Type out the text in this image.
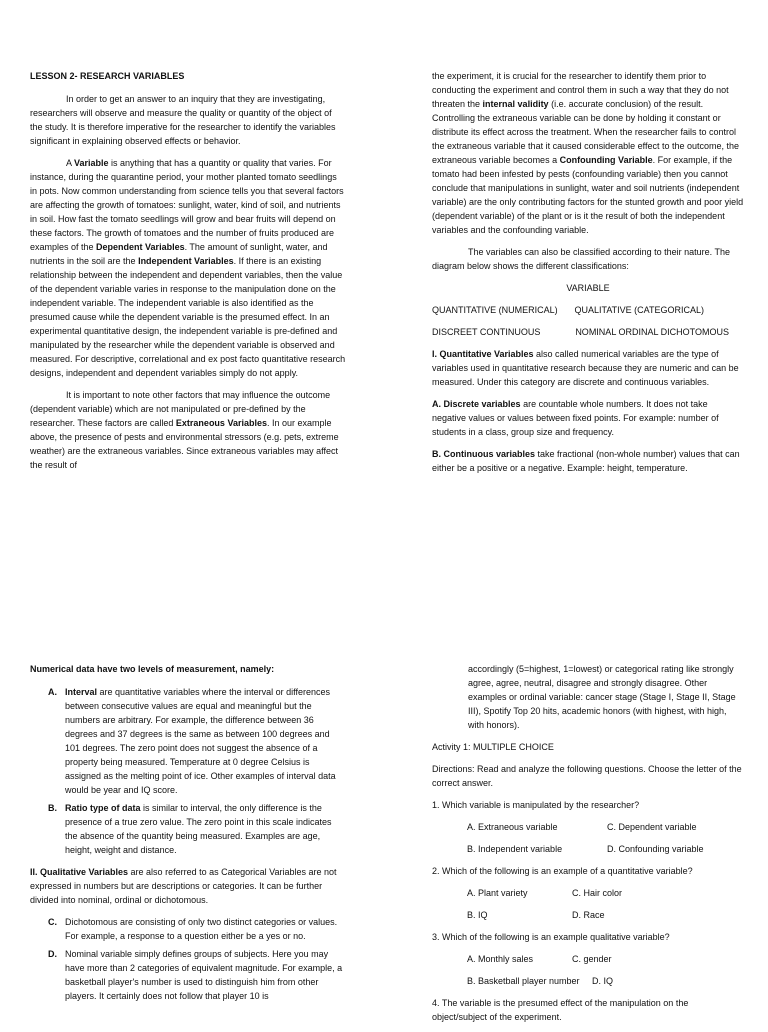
LESSON 2- RESEARCH VARIABLES

In order to get an answer to an inquiry that they are investigating, researchers will observe and measure the quality or quantity of the object of the study. It is therefore imperative for the researcher to identify the variables significant in explaining observed effects or behavior.

A Variable is anything that has a quantity or quality that varies. For instance, during the quarantine period, your mother planted tomato seedlings in pots. Now common understanding from science tells you that several factors are affecting the growth of tomatoes: sunlight, water, kind of soil, and nutrients in soil. How fast the tomato seedlings will grow and bear fruits will depend on these factors. The growth of tomatoes and the number of fruits produced are examples of the Dependent Variables. The amount of sunlight, water, and nutrients in the soil are the Independent Variables. If there is an existing relationship between the independent and dependent variables, then the value of the dependent variable varies in response to the manipulation done on the independent variable. The independent variable is also identified as the presumed cause while the dependent variable is the presumed effect. In an experimental quantitative design, the independent variable is pre-defined and manipulated by the researcher while the dependent variable is observed and measured. For descriptive, correlational and ex post facto quantitative research designs, independent and dependent variables simply do not apply.

It is important to note other factors that may influence the outcome (dependent variable) which are not manipulated or pre-defined by the researcher. These factors are called Extraneous Variables. In our example above, the presence of pests and environmental stressors (e.g. pets, extreme weather) are the extraneous variables. Since extraneous variables may affect the result of

the experiment, it is crucial for the researcher to identify them prior to conducting the experiment and control them in such a way that they do not threaten the internal validity (i.e. accurate conclusion) of the result. Controlling the extraneous variable can be done by holding it constant or distribute its effect across the treatment. When the researcher fails to control the extraneous variable that it caused considerable effect to the outcome, the extraneous variable becomes a Confounding Variable. For example, if the tomato had been infested by pests (confounding variable) then you cannot conclude that manipulations in sunlight, water and soil nutrients (independent variable) are the only contributing factors for the stunted growth and poor yield (dependent variable) of the plant or is it the result of both the independent variables and the confounding variable.

The variables can also be classified according to their nature. The diagram below shows the different classifications:

VARIABLE

QUANTITATIVE (NUMERICAL) QUALITATIVE (CATEGORICAL)
DISCREET CONTINUOUS	NOMINAL ORDINAL DICHOTOMOUS

I. Quantitative Variables also called numerical variables are the type of variables used in quantitative research because they are numeric and can be measured. Under this category are discrete and continuous variables.

A. Discrete variables are countable whole numbers. It does not take negative values or values between fixed points. For example: number of students in a class, group size and frequency.

B. Continuous variables take fractional (non-whole number) values that can either be a positive or a negative. Example: height, temperature.

Numerical data have two levels of measurement, namely:

A. Interval are quantitative variables where the interval or differences between consecutive values are equal and meaningful but the numbers are arbitrary. For example, the difference between 36 degrees and 37 degrees is the same as between 100 degrees and 101 degrees. The zero point does not suggest the absence of a property being measured. Temperature at 0 degree Celsius is assigned as the melting point of ice. Other examples of interval data would be year and IQ score.
B. Ratio type of data is similar to interval, the only difference is the presence of a true zero value. The zero point in this scale indicates the absence of the quantity being measured. Examples are age, height, weight and distance.

II. Qualitative Variables are also referred to as Categorical Variables are not expressed in numbers but are descriptions or categories. It can be further divided into nominal, ordinal or dichotomous.

C. Dichotomous are consisting of only two distinct categories or values. For example, a response to a question either be a yes or no.
D. Nominal variable simply defines groups of subjects. Here you may have more than 2 categories of equivalent magnitude. For example, a basketball player's number is used to distinguish him from other players. It certainly does not follow that player 10 is

accordingly (5=highest, 1=lowest) or categorical rating like strongly agree, agree, neutral, disagree and strongly disagree. Other examples or ordinal variable: cancer stage (Stage I, Stage II, Stage III), Spotify Top 20 hits, academic honors (with highest, with high, with honors).

Activity 1: MULTIPLE CHOICE

Directions: Read and analyze the following questions. Choose the letter of the correct answer.

1. Which variable is manipulated by the researcher?

A. Extraneous variable	C. Dependent variable
B. Independent variable	D. Confounding variable

2. Which of the following is an example of a quantitative variable?

A. Plant variety	C. Hair color
B. IQ	D. Race

3. Which of the following is an example qualitative variable?

A. Monthly sales	C. gender
B. Basketball player number	D. IQ

4. The variable is the presumed effect of the manipulation on the object/subject of the experiment.
